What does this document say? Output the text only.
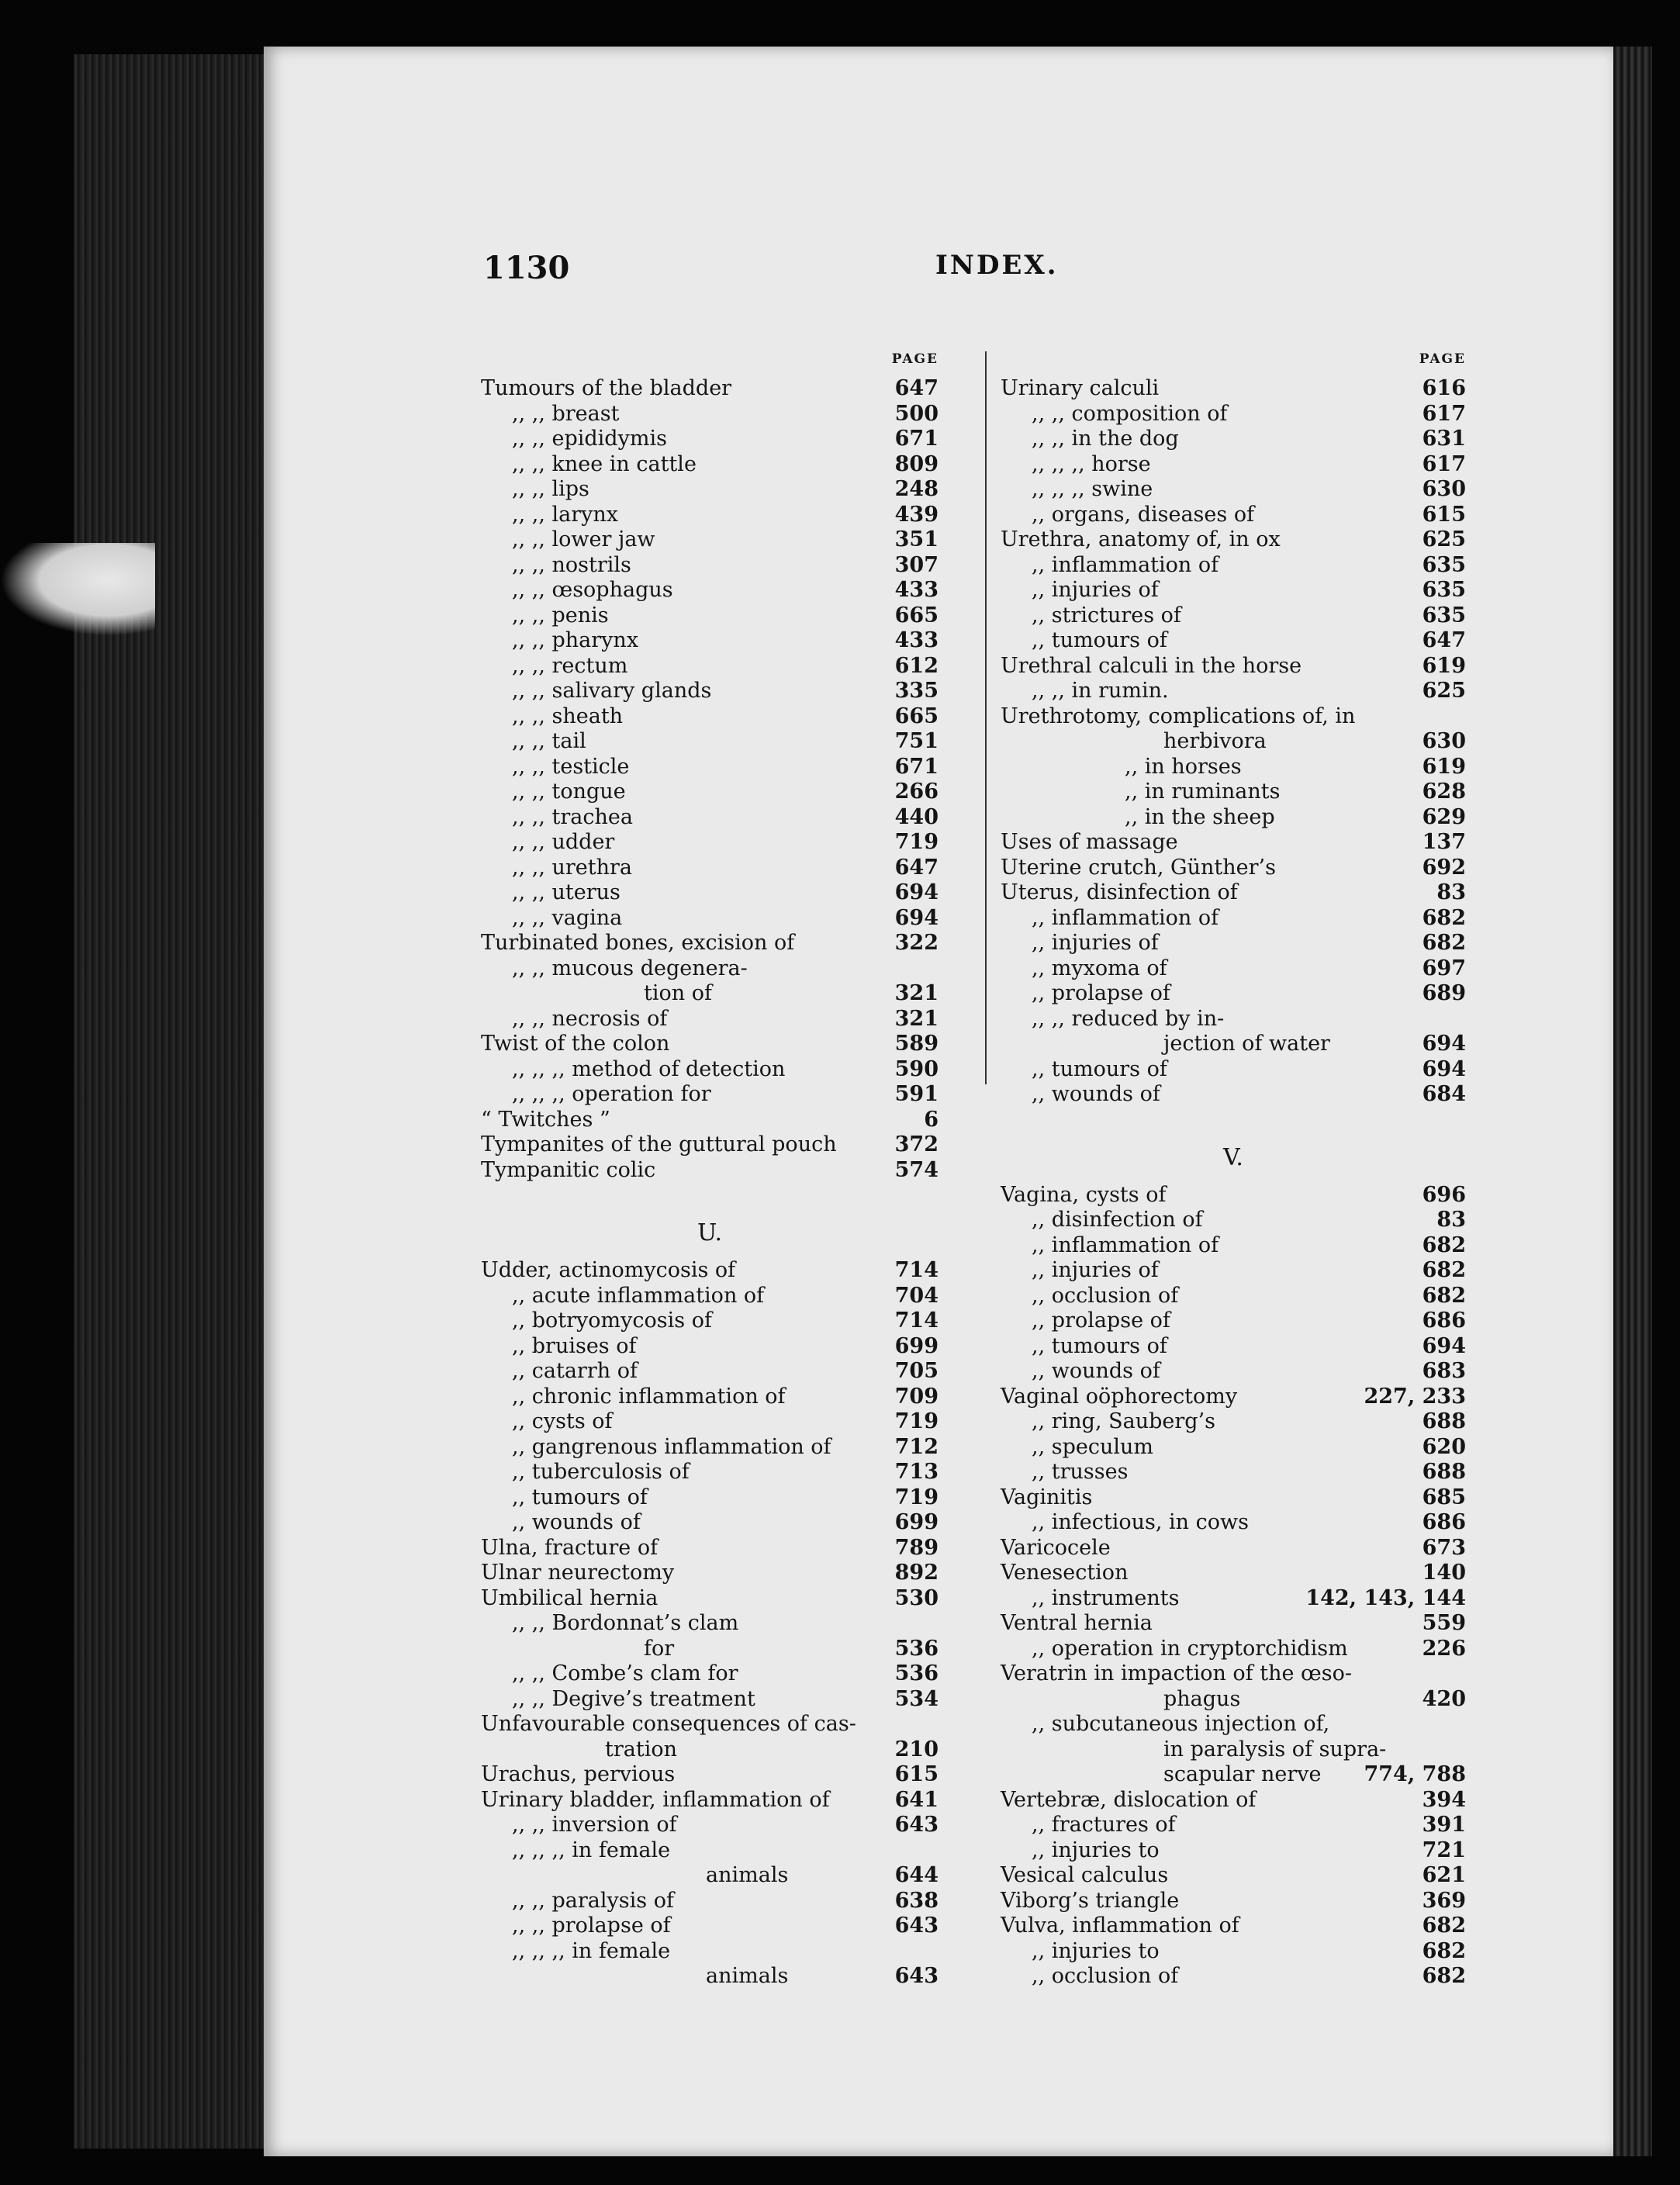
1130	INDEX.
PAGE
Tumours of the bladder	647
,, ,, breast	500
,, ,, epididymis	671
,, ,, knee in cattle	809
,, ,, lips	248
,, ,, larynx	439
,, ,, lower jaw	351
,, ,, nostrils	307
,, ,, œsophagus	433
,, ,, penis	665
,, ,, pharynx	433
,, ,, rectum	612
,, ,, salivary glands	335
,, ,, sheath	665
,, ,, tail	751
,, ,, testicle	671
,, ,, tongue	266
,, ,, trachea	440
,, ,, udder	719
,, ,, urethra	647
,, ,, uterus	694
,, ,, vagina	694
Turbinated bones, excision of	322
,, ,, mucous degenera-
tion of	321
,, ,, necrosis of	321
Twist of the colon	589
,, ,, ,, method of detection	590
,, ,, ,, operation for	591
“ Twitches ”	6
Tympanites of the guttural pouch	372
Tympanitic colic	574
U.
Udder, actinomycosis of	714
,, acute inflammation of	704
,, botryomycosis of	714
,, bruises of	699
,, catarrh of	705
,, chronic inflammation of	709
,, cysts of	719
,, gangrenous inflammation of	712
,, tuberculosis of	713
,, tumours of	719
,, wounds of	699
Ulna, fracture of	789
Ulnar neurectomy	892
Umbilical hernia	530
,, ,, Bordonnat’s clam
for	536
,, ,, Combe’s clam for	536
,, ,, Degive’s treatment	534
Unfavourable consequences of cas-
tration	210
Urachus, pervious	615
Urinary bladder, inflammation of	641
,, ,, inversion of	643
,, ,, ,, in female
animals	644
,, ,, paralysis of	638
,, ,, prolapse of	643
,, ,, ,, in female
animals	643
PAGE
Urinary calculi	616
,, ,, composition of	617
,, ,, in the dog	631
,, ,, ,, horse	617
,, ,, ,, swine	630
,, organs, diseases of	615
Urethra, anatomy of, in ox	625
,, inflammation of	635
,, injuries of	635
,, strictures of	635
,, tumours of	647
Urethral calculi in the horse	619
,, ,, in rumin.	625
Urethrotomy, complications of, in
herbivora	630
,, in horses	619
,, in ruminants	628
,, in the sheep	629
Uses of massage	137
Uterine crutch, Günther’s	692
Uterus, disinfection of	83
,, inflammation of	682
,, injuries of	682
,, myxoma of	697
,, prolapse of	689
,, ,, reduced by in-
jection of water	694
,, tumours of	694
,, wounds of	684
V.
Vagina, cysts of	696
,, disinfection of	83
,, inflammation of	682
,, injuries of	682
,, occlusion of	682
,, prolapse of	686
,, tumours of	694
,, wounds of	683
Vaginal oöphorectomy	227, 233
,, ring, Sauberg’s	688
,, speculum	620
,, trusses	688
Vaginitis	685
,, infectious, in cows	686
Varicocele	673
Venesection	140
,, instruments	142, 143, 144
Ventral hernia	559
,, operation in cryptorchidism	226
Veratrin in impaction of the œso-
phagus	420
,, subcutaneous injection of,
in paralysis of supra-
scapular nerve 774, 788
Vertebræ, dislocation of	394
,, fractures of	391
,, injuries to	721
Vesical calculus	621
Viborg’s triangle	369
Vulva, inflammation of	682
,, injuries to	682
,, occlusion of	682
